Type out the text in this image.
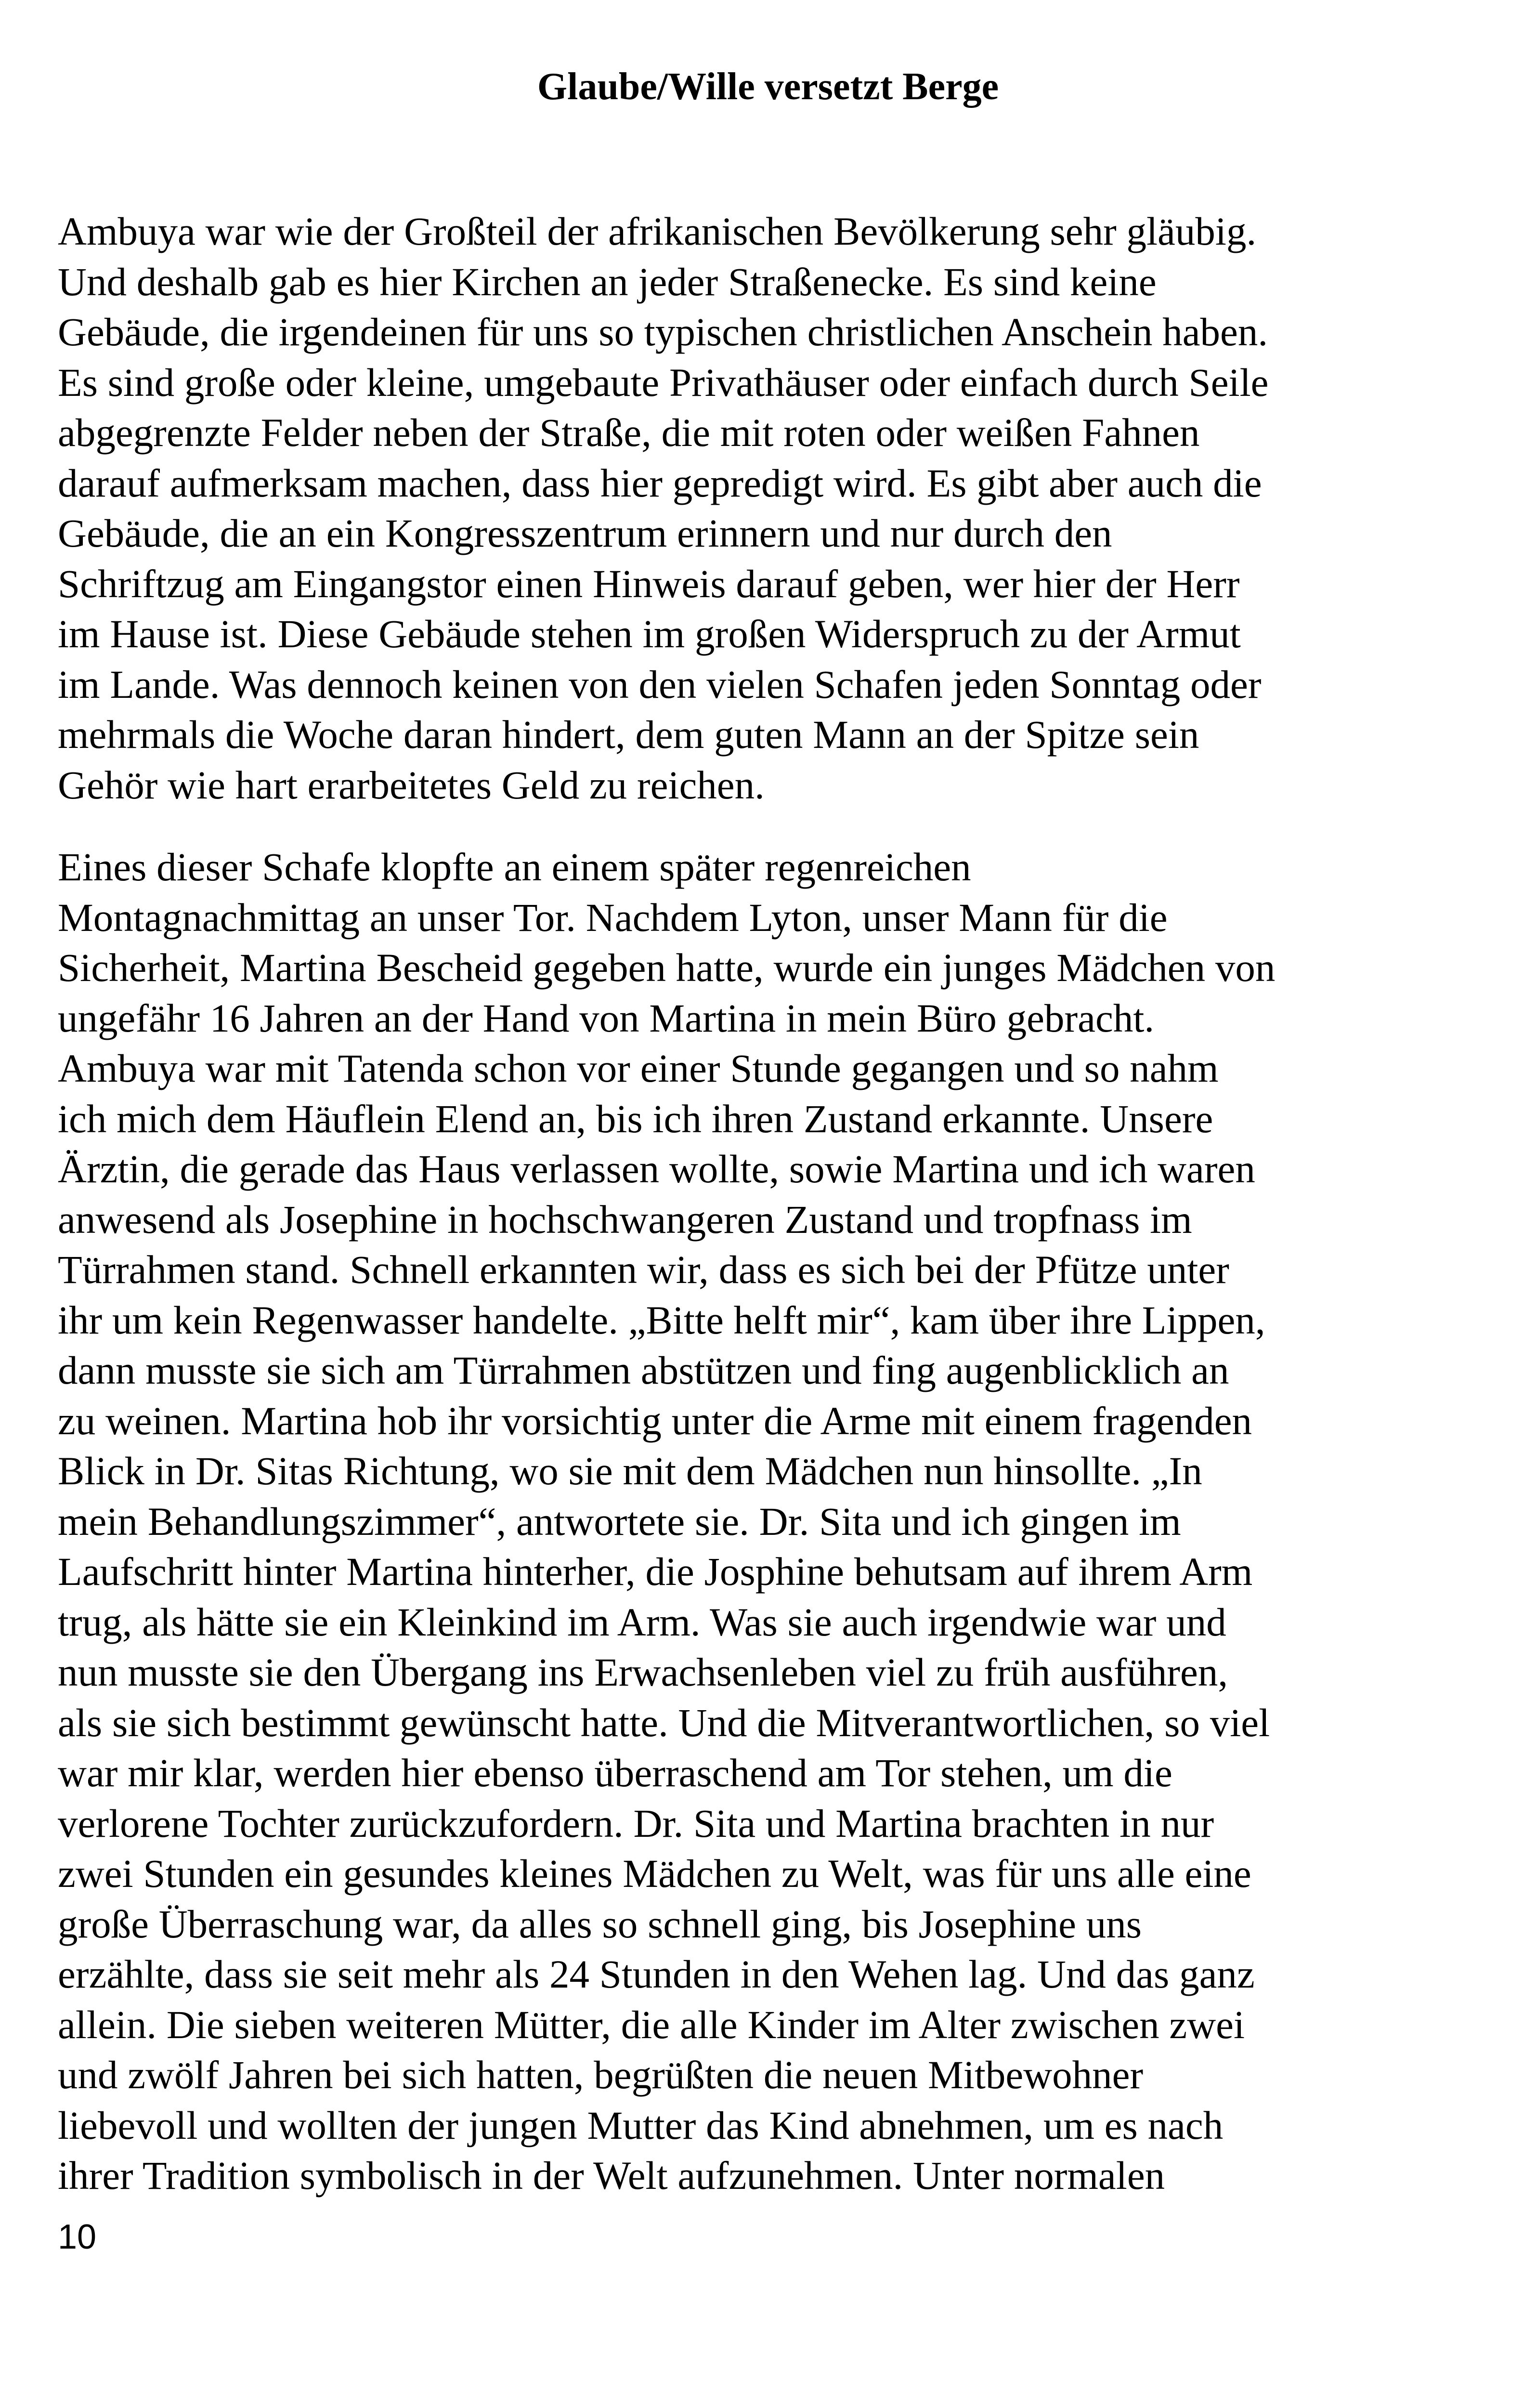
Glaube/Wille versetzt Berge
Ambuya war wie der Großteil der afrikanischen Bevölkerung sehr gläubig.
Und deshalb gab es hier Kirchen an jeder Straßenecke. Es sind keine
Gebäude, die irgendeinen für uns so typischen christlichen Anschein haben.
Es sind große oder kleine, umgebaute Privathäuser oder einfach durch Seile
abgegrenzte Felder neben der Straße, die mit roten oder weißen Fahnen
darauf aufmerksam machen, dass hier gepredigt wird. Es gibt aber auch die
Gebäude, die an ein Kongresszentrum erinnern und nur durch den
Schriftzug am Eingangstor einen Hinweis darauf geben, wer hier der Herr
im Hause ist. Diese Gebäude stehen im großen Widerspruch zu der Armut
im Lande. Was dennoch keinen von den vielen Schafen jeden Sonntag oder
mehrmals die Woche daran hindert, dem guten Mann an der Spitze sein
Gehör wie hart erarbeitetes Geld zu reichen.
Eines dieser Schafe klopfte an einem später regenreichen
Montagnachmittag an unser Tor. Nachdem Lyton, unser Mann für die
Sicherheit, Martina Bescheid gegeben hatte, wurde ein junges Mädchen von
ungefähr 16 Jahren an der Hand von Martina in mein Büro gebracht.
Ambuya war mit Tatenda schon vor einer Stunde gegangen und so nahm
ich mich dem Häuflein Elend an, bis ich ihren Zustand erkannte. Unsere
Ärztin, die gerade das Haus verlassen wollte, sowie Martina und ich waren
anwesend als Josephine in hochschwangeren Zustand und tropfnass im
Türrahmen stand. Schnell erkannten wir, dass es sich bei der Pfütze unter
ihr um kein Regenwasser handelte. „Bitte helft mir“, kam über ihre Lippen,
dann musste sie sich am Türrahmen abstützen und fing augenblicklich an
zu weinen. Martina hob ihr vorsichtig unter die Arme mit einem fragenden
Blick in Dr. Sitas Richtung, wo sie mit dem Mädchen nun hinsollte. „In
mein Behandlungszimmer“, antwortete sie. Dr. Sita und ich gingen im
Laufschritt hinter Martina hinterher, die Josphine behutsam auf ihrem Arm
trug, als hätte sie ein Kleinkind im Arm. Was sie auch irgendwie war und
nun musste sie den Übergang ins Erwachsenleben viel zu früh ausführen,
als sie sich bestimmt gewünscht hatte. Und die Mitverantwortlichen, so viel
war mir klar, werden hier ebenso überraschend am Tor stehen, um die
verlorene Tochter zurückzufordern. Dr. Sita und Martina brachten in nur
zwei Stunden ein gesundes kleines Mädchen zu Welt, was für uns alle eine
große Überraschung war, da alles so schnell ging, bis Josephine uns
erzählte, dass sie seit mehr als 24 Stunden in den Wehen lag. Und das ganz
allein. Die sieben weiteren Mütter, die alle Kinder im Alter zwischen zwei
und zwölf Jahren bei sich hatten, begrüßten die neuen Mitbewohner
liebevoll und wollten der jungen Mutter das Kind abnehmen, um es nach
ihrer Tradition symbolisch in der Welt aufzunehmen. Unter normalen
10
